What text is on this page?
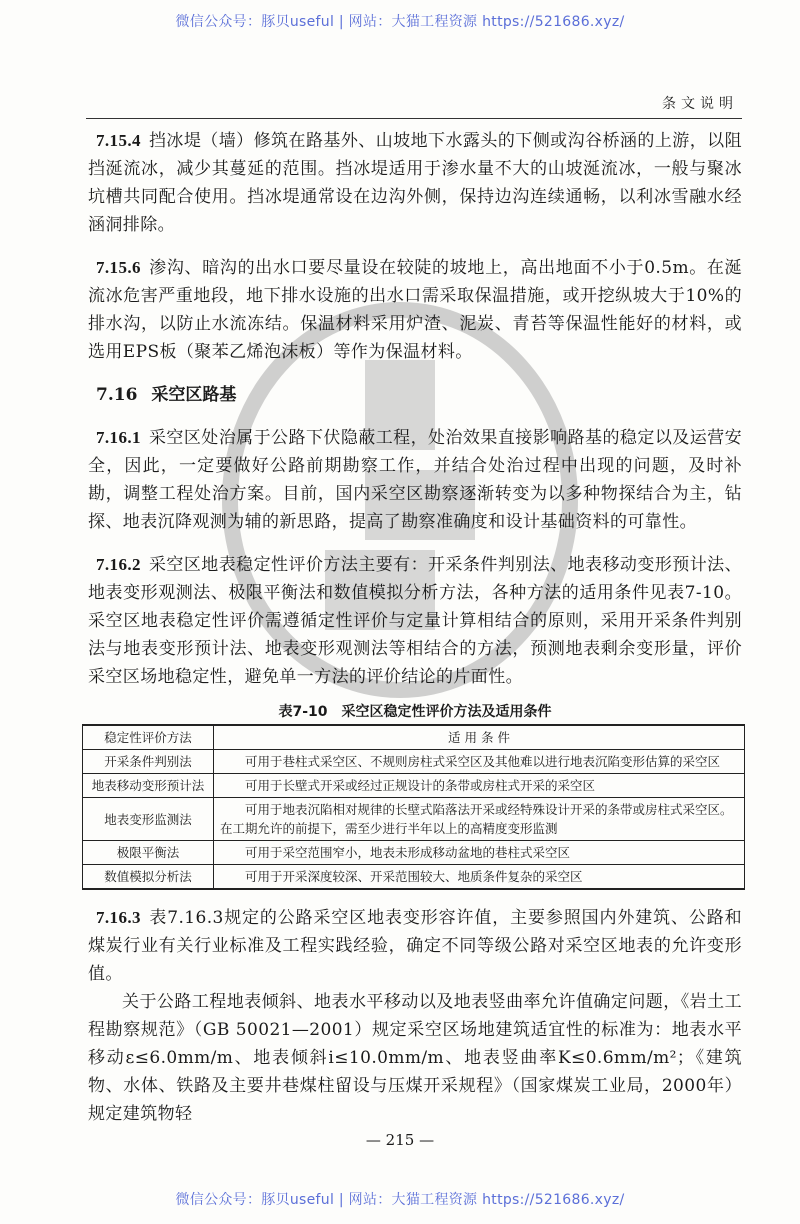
微信公众号：豚贝useful | 网站：大猫工程资源 https://521686.xyz/
条文说明

7.15.4 挡冰堤（墙）修筑在路基外、山坡地下水露头的下侧或沟谷桥涵的上游，以阻挡涎流冰，减少其蔓延的范围。挡冰堤适用于渗水量不大的山坡涎流冰，一般与聚冰坑槽共同配合使用。挡冰堤通常设在边沟外侧，保持边沟连续通畅，以利冰雪融水经涵洞排除。

7.15.6 渗沟、暗沟的出水口要尽量设在较陡的坡地上，高出地面不小于0.5m。在涎流冰危害严重地段，地下排水设施的出水口需采取保温措施，或开挖纵坡大于10%的排水沟，以防止水流冻结。保温材料采用炉渣、泥炭、青苔等保温性能好的材料，或选用EPS板（聚苯乙烯泡沫板）等作为保温材料。

7.16 采空区路基

7.16.1 采空区处治属于公路下伏隐蔽工程，处治效果直接影响路基的稳定以及运营安全，因此，一定要做好公路前期勘察工作，并结合处治过程中出现的问题，及时补勘，调整工程处治方案。目前，国内采空区勘察逐渐转变为以多种物探结合为主，钻探、地表沉降观测为辅的新思路，提高了勘察准确度和设计基础资料的可靠性。

7.16.2 采空区地表稳定性评价方法主要有：开采条件判别法、地表移动变形预计法、地表变形观测法、极限平衡法和数值模拟分析方法，各种方法的适用条件见表7-10。采空区地表稳定性评价需遵循定性评价与定量计算相结合的原则，采用开采条件判别法与地表变形预计法、地表变形观测法等相结合的方法，预测地表剩余变形量，评价采空区场地稳定性，避免单一方法的评价结论的片面性。

表7-10　采空区稳定性评价方法及适用条件
稳定性评价方法	适 用 条 件
开采条件判别法	可用于巷柱式采空区、不规则房柱式采空区及其他难以进行地表沉陷变形估算的采空区
地表移动变形预计法	可用于长壁式开采或经过正规设计的条带或房柱式开采的采空区
地表变形监测法	可用于地表沉陷相对规律的长壁式陷落法开采或经特殊设计开采的条带或房柱式采空区。在工期允许的前提下，需至少进行半年以上的高精度变形监测
极限平衡法	可用于采空范围窄小，地表未形成移动盆地的巷柱式采空区
数值模拟分析法	可用于开采深度较深、开采范围较大、地质条件复杂的采空区

7.16.3 表7.16.3规定的公路采空区地表变形容许值，主要参照国内外建筑、公路和煤炭行业有关行业标准及工程实践经验，确定不同等级公路对采空区地表的允许变形值。

关于公路工程地表倾斜、地表水平移动以及地表竖曲率允许值确定问题，《岩土工程勘察规范》（GB 50021—2001）规定采空区场地建筑适宜性的标准为：地表水平移动ε≤6.0mm/m、地表倾斜i≤10.0mm/m、地表竖曲率K≤0.6mm/m²；《建筑物、水体、铁路及主要井巷煤柱留设与压煤开采规程》（国家煤炭工业局，2000年）规定建筑物轻

— 215 —
微信公众号：豚贝useful | 网站：大猫工程资源 https://521686.xyz/
